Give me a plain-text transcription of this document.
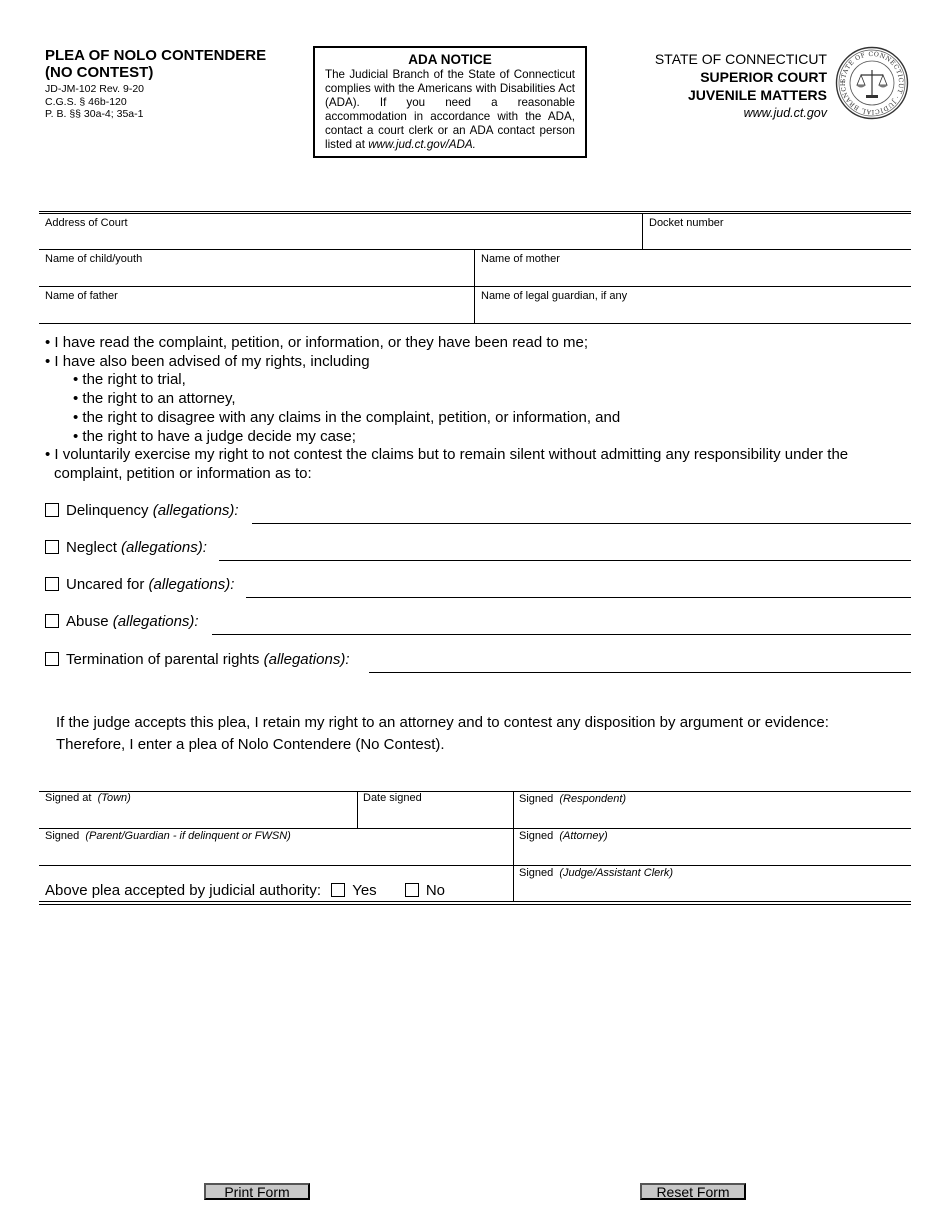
PLEA OF NOLO CONTENDERE
(NO CONTEST)
JD-JM-102 Rev. 9-20
C.G.S. § 46b-120
P. B. §§ 30a-4; 35a-1
ADA NOTICE
The Judicial Branch of the State of Connecticut complies with the Americans with Disabilities Act (ADA). If you need a reasonable accommodation in accordance with the ADA, contact a court clerk or an ADA contact person listed at www.jud.ct.gov/ADA.
STATE OF CONNECTICUT
SUPERIOR COURT
JUVENILE MATTERS
www.jud.ct.gov
STATE OF CONNECTICUT · JUDICIAL BRANCH
Address of Court	Docket number
Name of child/youth	Name of mother
Name of father	Name of legal guardian, if any
• I have read the complaint, petition, or information, or they have been read to me;
• I have also been advised of my rights, including
• the right to trial,
• the right to an attorney,
• the right to disagree with any claims in the complaint, petition, or information, and
• the right to have a judge decide my case;
• I voluntarily exercise my right to not contest the claims but to remain silent without admitting any responsibility under the
complaint, petition or information as to:
Delinquency (allegations):
Neglect (allegations):
Uncared for (allegations):
Abuse (allegations):
Termination of parental rights (allegations):
If the judge accepts this plea, I retain my right to an attorney and to contest any disposition by argument or evidence:
Therefore, I enter a plea of Nolo Contendere (No Contest).
Signed at (Town)	Date signed	Signed (Respondent)
Signed (Parent/Guardian - if delinquent or FWSN)	Signed (Attorney)
Above plea accepted by judicial authority: Yes	No
Signed (Judge/Assistant Clerk)
Print Form	Reset Form
